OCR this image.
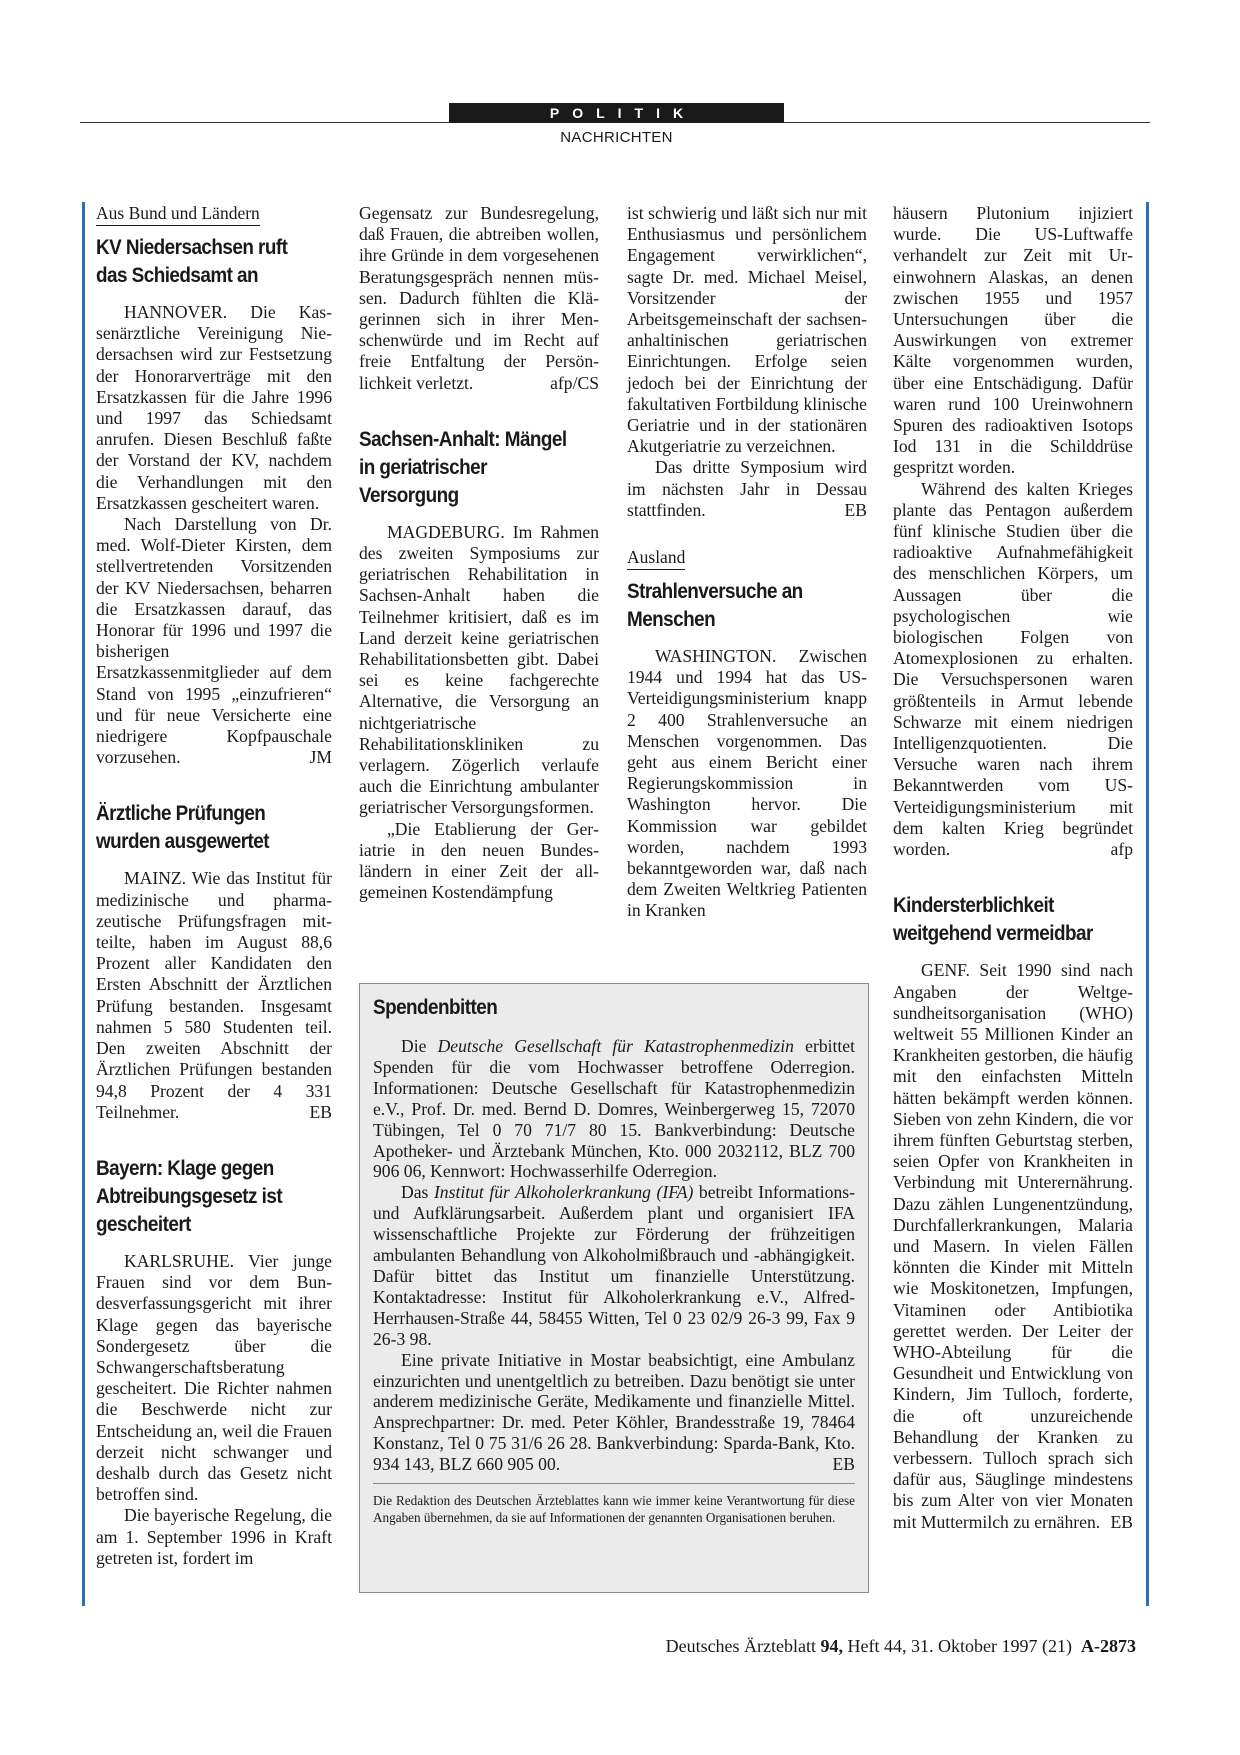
POLITIK
NACHRICHTEN
Aus Bund und Ländern
KV Niedersachsen ruft das Schiedsamt an

HANNOVER. Die Kassenärztliche Vereinigung Niedersachsen wird zur Festsetzung der Honorarverträge mit den Ersatzkassen für die Jahre 1996 und 1997 das Schiedsamt anrufen. Diesen Beschluß faßte der Vorstand der KV, nachdem die Verhandlungen mit den Ersatzkassen gescheitert waren.

Nach Darstellung von Dr. med. Wolf-Dieter Kirsten, dem stellvertretenden Vorsitzenden der KV Niedersachsen, beharren die Ersatzkassen darauf, das Honorar für 1996 und 1997 die bisherigen Ersatzkassenmitglieder auf dem Stand von 1995 „einzufrieren“ und für neue Versicherte eine niedrigere Kopfpauschale vorzusehen.	JM

Ärztliche Prüfungen wurden ausgewertet

MAINZ. Wie das Institut für medizinische und pharmazeutische Prüfungsfragen mitteilte, haben im August 88,6 Prozent aller Kandidaten den Ersten Abschnitt der Ärztlichen Prüfung bestanden. Insgesamt nahmen 5 580 Studenten teil. Den zweiten Abschnitt der Ärztlichen Prüfungen bestanden 94,8 Prozent der 4 331 Teilnehmer.	EB

Bayern: Klage gegen Abtreibungsgesetz ist gescheitert

KARLSRUHE. Vier junge Frauen sind vor dem Bundesverfassungsgericht mit ihrer Klage gegen das bayerische Sondergesetz über die Schwangerschaftsberatung gescheitert. Die Richter nahmen die Beschwerde nicht zur Entscheidung an, weil die Frauen derzeit nicht schwanger und deshalb durch das Gesetz nicht betroffen sind.

Die bayerische Regelung, die am 1. September 1996 in Kraft getreten ist, fordert im

Gegensatz zur Bundesregelung, daß Frauen, die abtreiben wollen, ihre Gründe in dem vorgesehenen Beratungsgespräch nennen müssen. Dadurch fühlten die Klägerinnen sich in ihrer Menschenwürde und im Recht auf freie Entfaltung der Persönlichkeit verletzt.	afp/CS

Sachsen-Anhalt: Mängel in geriatrischer Versorgung

MAGDEBURG. Im Rahmen des zweiten Symposiums zur geriatrischen Rehabilitation in Sachsen-Anhalt haben die Teilnehmer kritisiert, daß es im Land derzeit keine geriatrischen Rehabilitationsbetten gibt. Dabei sei es keine fachgerechte Alternative, die Versorgung an nichtgeriatrische Rehabilitationskliniken zu verlagern. Zögerlich verlaufe auch die Einrichtung ambulanter geriatrischer Versorgungsformen.

„Die Etablierung der Geriatrie in den neuen Bundesländern in einer Zeit der allgemeinen Kostendämpfung

ist schwierig und läßt sich nur mit Enthusiasmus und persönlichem Engagement verwirklichen“, sagte Dr. med. Michael Meisel, Vorsitzender der Arbeitsgemeinschaft der sachsen-anhaltinischen geriatrischen Einrichtungen. Erfolge seien jedoch bei der Einrichtung der fakultativen Fortbildung klinische Geriatrie und in der stationären Akutgeriatrie zu verzeichnen.

Das dritte Symposium wird im nächsten Jahr in Dessau stattfinden.	EB

Ausland
Strahlenversuche an Menschen

WASHINGTON. Zwischen 1944 und 1994 hat das US-Verteidigungsministerium knapp 2 400 Strahlenversuche an Menschen vorgenommen. Das geht aus einem Bericht einer Regierungskommission in Washington hervor. Die Kommission war gebildet worden, nachdem 1993 bekanntgeworden war, daß nach dem Zweiten Weltkrieg Patienten in Kranken

häusern Plutonium injiziert wurde. Die US-Luftwaffe verhandelt zur Zeit mit Ureinwohnern Alaskas, an denen zwischen 1955 und 1957 Untersuchungen über die Auswirkungen von extremer Kälte vorgenommen wurden, über eine Entschädigung. Dafür waren rund 100 Ureinwohnern Spuren des radioaktiven Isotops Iod 131 in die Schilddrüse gespritzt worden.

Während des kalten Krieges plante das Pentagon außerdem fünf klinische Studien über die radioaktive Aufnahmefähigkeit des menschlichen Körpers, um Aussagen über die psychologischen wie biologischen Folgen von Atomexplosionen zu erhalten. Die Versuchspersonen waren größtenteils in Armut lebende Schwarze mit einem niedrigen Intelligenzquotienten. Die Versuche waren nach ihrem Bekanntwerden vom US-Verteidigungsministerium mit dem kalten Krieg begründet worden.	afp

Kindersterblichkeit weitgehend vermeidbar

GENF. Seit 1990 sind nach Angaben der Weltgesundheitsorganisation (WHO) weltweit 55 Millionen Kinder an Krankheiten gestorben, die häufig mit den einfachsten Mitteln hätten bekämpft werden können. Sieben von zehn Kindern, die vor ihrem fünften Geburtstag sterben, seien Opfer von Krankheiten in Verbindung mit Unterernährung. Dazu zählen Lungenentzündung, Durchfallerkrankungen, Malaria und Masern. In vielen Fällen könnten die Kinder mit Mitteln wie Moskitonetzen, Impfungen, Vitaminen oder Antibiotika gerettet werden. Der Leiter der WHO-Abteilung für die Gesundheit und Entwicklung von Kindern, Jim Tulloch, forderte, die oft unzureichende Behandlung der Kranken zu verbessern. Tulloch sprach sich dafür aus, Säuglinge mindestens bis zum Alter von vier Monaten mit Muttermilch zu ernähren. EB

Spendenbitten

Die Deutsche Gesellschaft für Katastrophenmedizin erbittet Spenden für die vom Hochwasser betroffene Oderregion. Informationen: Deutsche Gesellschaft für Katastrophenmedizin e.V., Prof. Dr. med. Bernd D. Domres, Weinbergerweg 15, 72070 Tübingen, Tel 0 70 71/7 80 15. Bankverbindung: Deutsche Apotheker- und Ärztebank München, Kto. 000 2032112, BLZ 700 906 06, Kennwort: Hochwasserhilfe Oderregion.

Das Institut für Alkoholerkrankung (IFA) betreibt Informations- und Aufklärungsarbeit. Außerdem plant und organisiert IFA wissenschaftliche Projekte zur Förderung der frühzeitigen ambulanten Behandlung von Alkoholmißbrauch und -abhängigkeit. Dafür bittet das Institut um finanzielle Unterstützung. Kontaktadresse: Institut für Alkoholerkrankung e.V., Alfred-Herrhausen-Straße 44, 58455 Witten, Tel 0 23 02/9 26-3 99, Fax 9 26-3 98.

Eine private Initiative in Mostar beabsichtigt, eine Ambulanz einzurichten und unentgeltlich zu betreiben. Dazu benötigt sie unter anderem medizinische Geräte, Medikamente und finanzielle Mittel. Ansprechpartner: Dr. med. Peter Köhler, Brandesstraße 19, 78464 Konstanz, Tel 0 75 31/6 26 28. Bankverbindung: Sparda-Bank, Kto. 934 143, BLZ 660 905 00.	EB

Die Redaktion des Deutschen Ärzteblattes kann wie immer keine Verantwortung für diese Angaben übernehmen, da sie auf Informationen der genannten Organisationen beruhen.

Deutsches Ärzteblatt 94, Heft 44, 31. Oktober 1997 (21) A-2873
